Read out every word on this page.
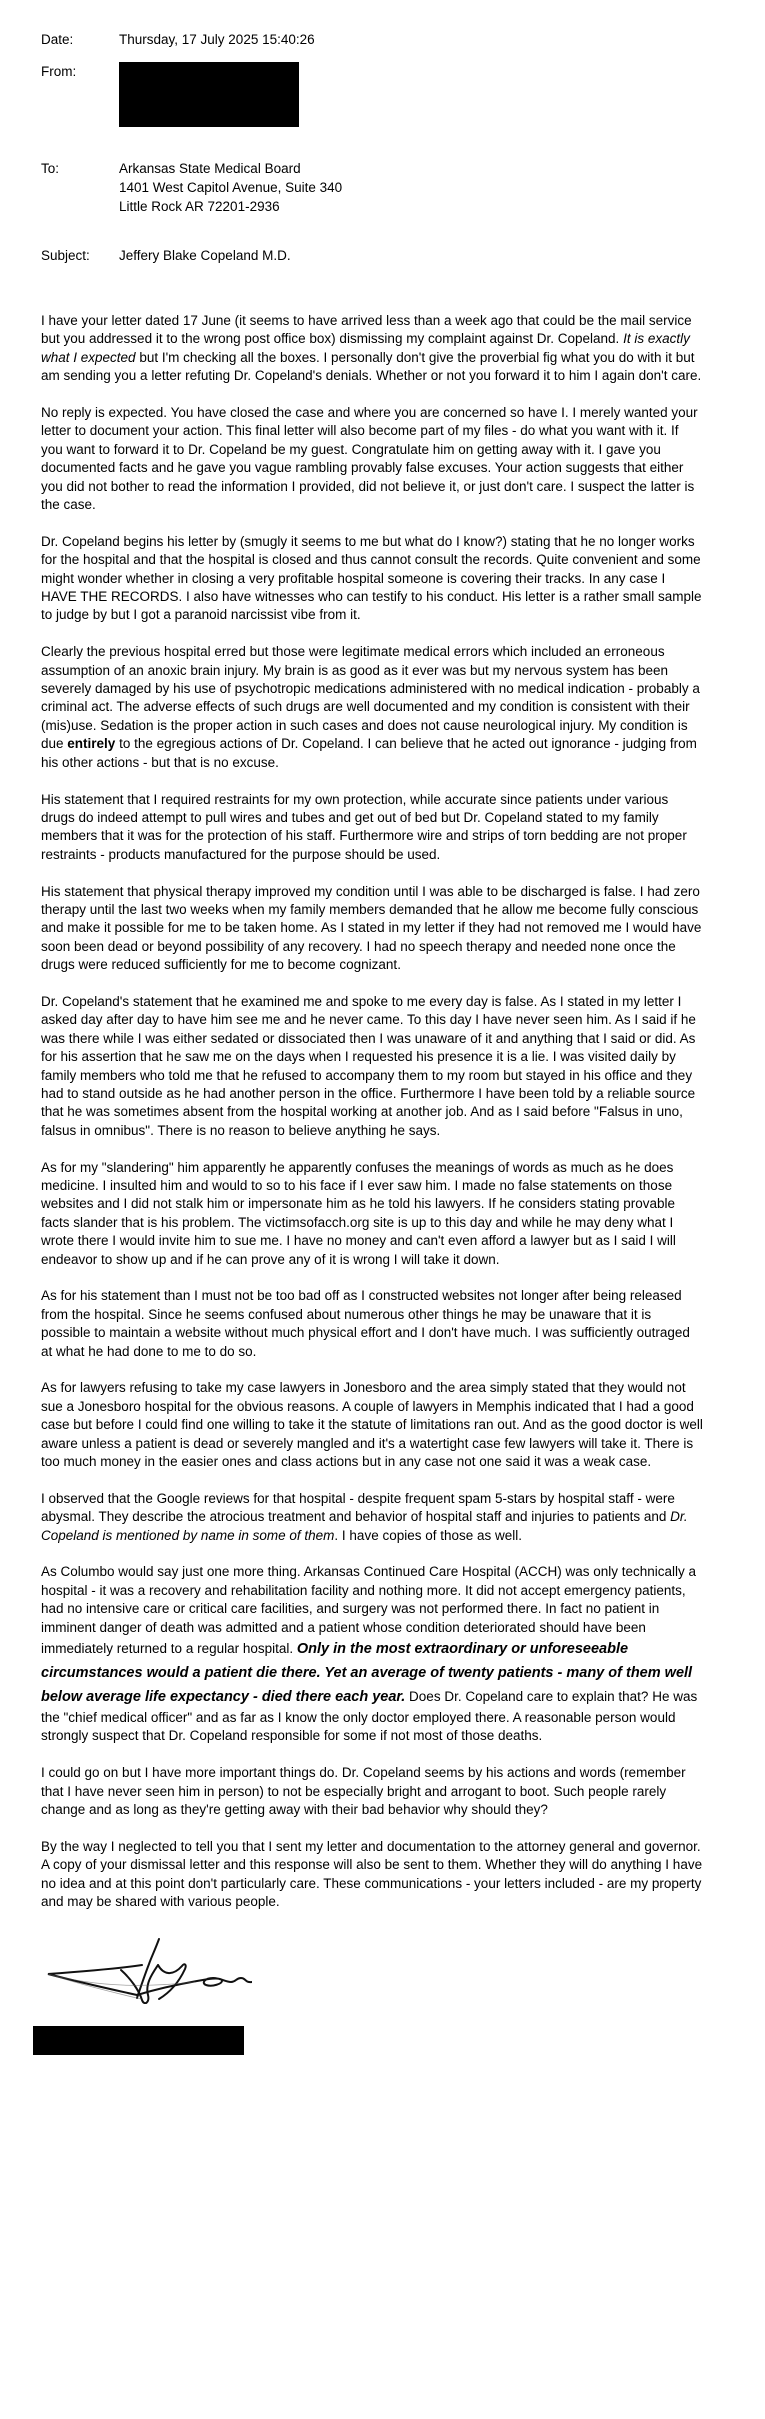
Date:	Thursday, 17 July 2025 15:40:26
From:
To:	Arkansas State Medical Board
1401 West Capitol Avenue, Suite 340
Little Rock AR 72201-2936
Subject:	Jeffery Blake Copeland M.D.

I have your letter dated 17 June (it seems to have arrived less than a week ago that could be the mail service but you addressed it to the wrong post office box) dismissing my complaint against Dr. Copeland. It is exactly what I expected but I'm checking all the boxes. I personally don't give the proverbial fig what you do with it but am sending you a letter refuting Dr. Copeland's denials. Whether or not you forward it to him I again don't care.

No reply is expected. You have closed the case and where you are concerned so have I. I merely wanted your letter to document your action. This final letter will also become part of my files - do what you want with it. If you want to forward it to Dr. Copeland be my guest. Congratulate him on getting away with it. I gave you documented facts and he gave you vague rambling provably false excuses. Your action suggests that either you did not bother to read the information I provided, did not believe it, or just don't care. I suspect the latter is the case.

Dr. Copeland begins his letter by (smugly it seems to me but what do I know?) stating that he no longer works for the hospital and that the hospital is closed and thus cannot consult the records. Quite convenient and some might wonder whether in closing a very profitable hospital someone is covering their tracks. In any case I HAVE THE RECORDS. I also have witnesses who can testify to his conduct. His letter is a rather small sample to judge by but I got a paranoid narcissist vibe from it.

Clearly the previous hospital erred but those were legitimate medical errors which included an erroneous assumption of an anoxic brain injury. My brain is as good as it ever was but my nervous system has been severely damaged by his use of psychotropic medications administered with no medical indication - probably a criminal act. The adverse effects of such drugs are well documented and my condition is consistent with their (mis)use. Sedation is the proper action in such cases and does not cause neurological injury. My condition is due entirely to the egregious actions of Dr. Copeland. I can believe that he acted out ignorance - judging from his other actions - but that is no excuse.

His statement that I required restraints for my own protection, while accurate since patients under various drugs do indeed attempt to pull wires and tubes and get out of bed but Dr. Copeland stated to my family members that it was for the protection of his staff. Furthermore wire and strips of torn bedding are not proper restraints - products manufactured for the purpose should be used.

His statement that physical therapy improved my condition until I was able to be discharged is false. I had zero therapy until the last two weeks when my family members demanded that he allow me become fully conscious and make it possible for me to be taken home. As I stated in my letter if they had not removed me I would have soon been dead or beyond possibility of any recovery. I had no speech therapy and needed none once the drugs were reduced sufficiently for me to become cognizant.

Dr. Copeland's statement that he examined me and spoke to me every day is false. As I stated in my letter I asked day after day to have him see me and he never came. To this day I have never seen him. As I said if he was there while I was either sedated or dissociated then I was unaware of it and anything that I said or did. As for his assertion that he saw me on the days when I requested his presence it is a lie. I was visited daily by family members who told me that he refused to accompany them to my room but stayed in his office and they had to stand outside as he had another person in the office. Furthermore I have been told by a reliable source that he was sometimes absent from the hospital working at another job. And as I said before "Falsus in uno, falsus in omnibus". There is no reason to believe anything he says.

As for my "slandering" him apparently he apparently confuses the meanings of words as much as he does medicine. I insulted him and would to so to his face if I ever saw him. I made no false statements on those websites and I did not stalk him or impersonate him as he told his lawyers. If he considers stating provable facts slander that is his problem. The victimsofacch.org site is up to this day and while he may deny what I wrote there I would invite him to sue me. I have no money and can't even afford a lawyer but as I said I will endeavor to show up and if he can prove any of it is wrong I will take it down.

As for his statement than I must not be too bad off as I constructed websites not longer after being released from the hospital. Since he seems confused about numerous other things he may be unaware that it is possible to maintain a website without much physical effort and I don't have much. I was sufficiently outraged at what he had done to me to do so.

As for lawyers refusing to take my case lawyers in Jonesboro and the area simply stated that they would not sue a Jonesboro hospital for the obvious reasons. A couple of lawyers in Memphis indicated that I had a good case but before I could find one willing to take it the statute of limitations ran out. And as the good doctor is well aware unless a patient is dead or severely mangled and it's a watertight case few lawyers will take it. There is too much money in the easier ones and class actions but in any case not one said it was a weak case.

I observed that the Google reviews for that hospital - despite frequent spam 5-stars by hospital staff - were abysmal. They describe the atrocious treatment and behavior of hospital staff and injuries to patients and Dr. Copeland is mentioned by name in some of them. I have copies of those as well.

As Columbo would say just one more thing. Arkansas Continued Care Hospital (ACCH) was only technically a hospital - it was a recovery and rehabilitation facility and nothing more. It did not accept emergency patients, had no intensive care or critical care facilities, and surgery was not performed there. In fact no patient in imminent danger of death was admitted and a patient whose condition deteriorated should have been immediately returned to a regular hospital. Only in the most extraordinary or unforeseeable circumstances would a patient die there. Yet an average of twenty patients - many of them well below average life expectancy - died there each year. Does Dr. Copeland care to explain that? He was the "chief medical officer" and as far as I know the only doctor employed there. A reasonable person would strongly suspect that Dr. Copeland responsible for some if not most of those deaths.

I could go on but I have more important things do. Dr. Copeland seems by his actions and words (remember that I have never seen him in person) to not be especially bright and arrogant to boot. Such people rarely change and as long as they're getting away with their bad behavior why should they?

By the way I neglected to tell you that I sent my letter and documentation to the attorney general and governor. A copy of your dismissal letter and this response will also be sent to them. Whether they will do anything I have no idea and at this point don't particularly care. These communications - your letters included - are my property and may be shared with various people.
